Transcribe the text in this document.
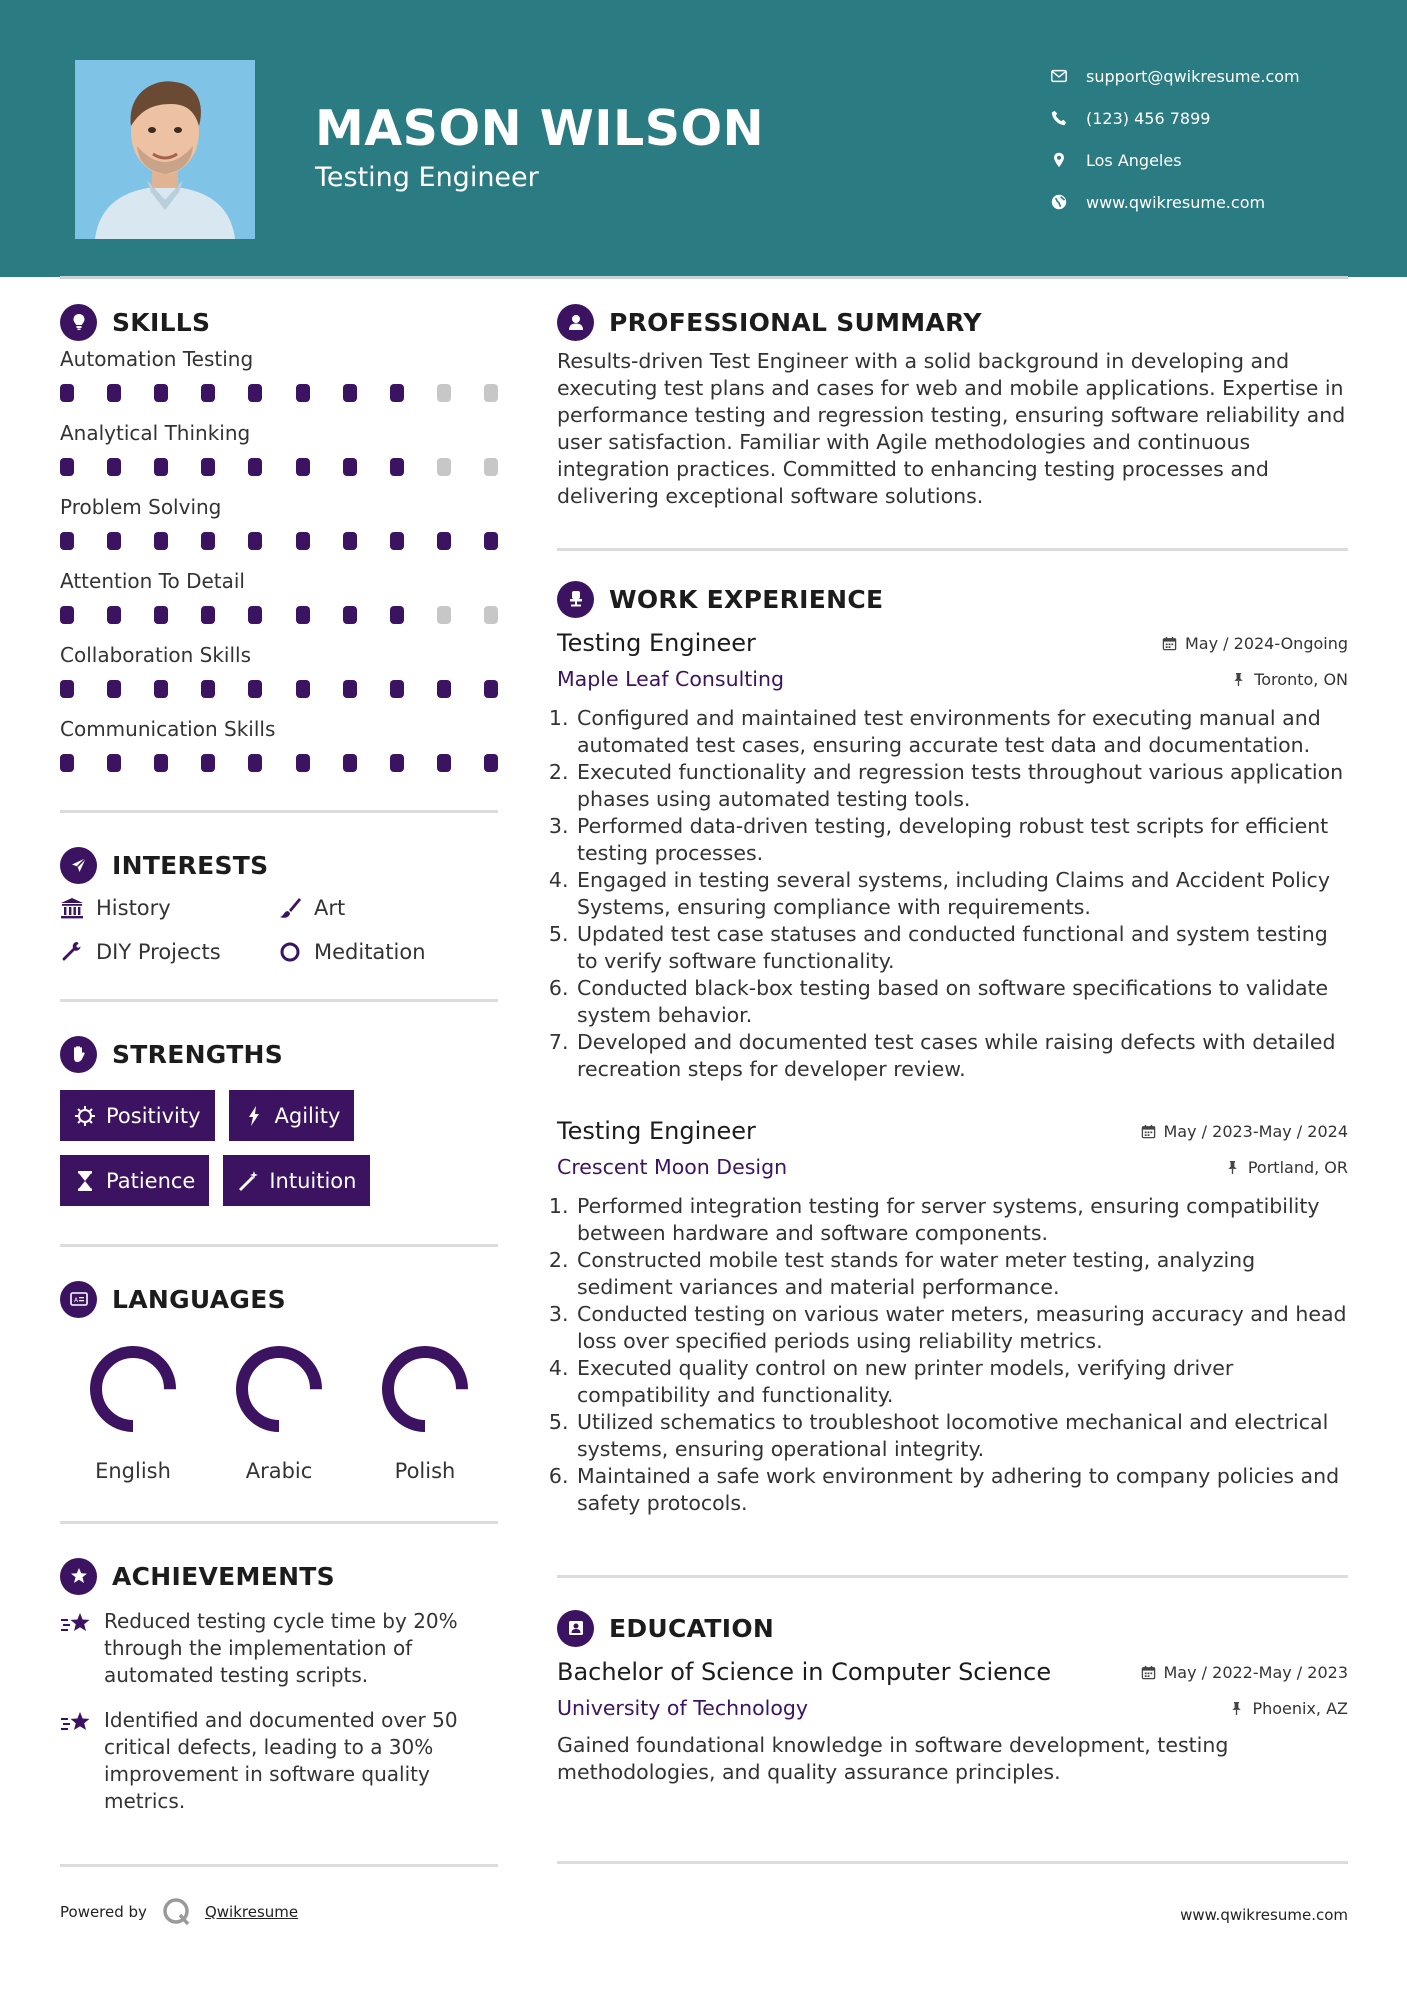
MASON WILSON
Testing Engineer
support@qwikresume.com
(123) 456 7899
Los Angeles
www.qwikresume.com
SKILLS
Automation Testing
Analytical Thinking
Problem Solving
Attention To Detail
Collaboration Skills
Communication Skills
INTERESTS
History	Art
DIY Projects	Meditation
STRENGTHS
Positivity	Agility
Patience	Intuition
A LANGUAGES
English	Arabic	Polish
ACHIEVEMENTS
Reduced testing cycle time by 20% through the implementation of automated testing scripts.
Identified and documented over 50 critical defects, leading to a 30% improvement in software quality metrics.
PROFESSIONAL SUMMARY

Results-driven Test Engineer with a solid background in developing and executing test plans and cases for web and mobile applications. Expertise in performance testing and regression testing, ensuring software reliability and user satisfaction. Familiar with Agile methodologies and continuous integration practices. Committed to enhancing testing processes and delivering exceptional software solutions.

WORK EXPERIENCE
Testing Engineer	May / 2024-Ongoing
Maple Leaf Consulting	Toronto, ON
1. Configured and maintained test environments for executing manual and automated test cases, ensuring accurate test data and documentation.
2. Executed functionality and regression tests throughout various application phases using automated testing tools.
3. Performed data-driven testing, developing robust test scripts for efficient testing processes.
4. Engaged in testing several systems, including Claims and Accident Policy Systems, ensuring compliance with requirements.
5. Updated test case statuses and conducted functional and system testing to verify software functionality.
6. Conducted black-box testing based on software specifications to validate system behavior.
7. Developed and documented test cases while raising defects with detailed recreation steps for developer review.
Testing Engineer	May / 2023-May / 2024
Crescent Moon Design	Portland, OR
1. Performed integration testing for server systems, ensuring compatibility between hardware and software components.
2. Constructed mobile test stands for water meter testing, analyzing sediment variances and material performance.
3. Conducted testing on various water meters, measuring accuracy and head loss over specified periods using reliability metrics.
4. Executed quality control on new printer models, verifying driver compatibility and functionality.
5. Utilized schematics to troubleshoot locomotive mechanical and electrical systems, ensuring operational integrity.
6. Maintained a safe work environment by adhering to company policies and safety protocols.
EDUCATION
Bachelor of Science in Computer Science	May / 2022-May / 2023
University of Technology	Phoenix, AZ

Gained foundational knowledge in software development, testing methodologies, and quality assurance principles.

Powered by	Qwikresume	www.qwikresume.com
